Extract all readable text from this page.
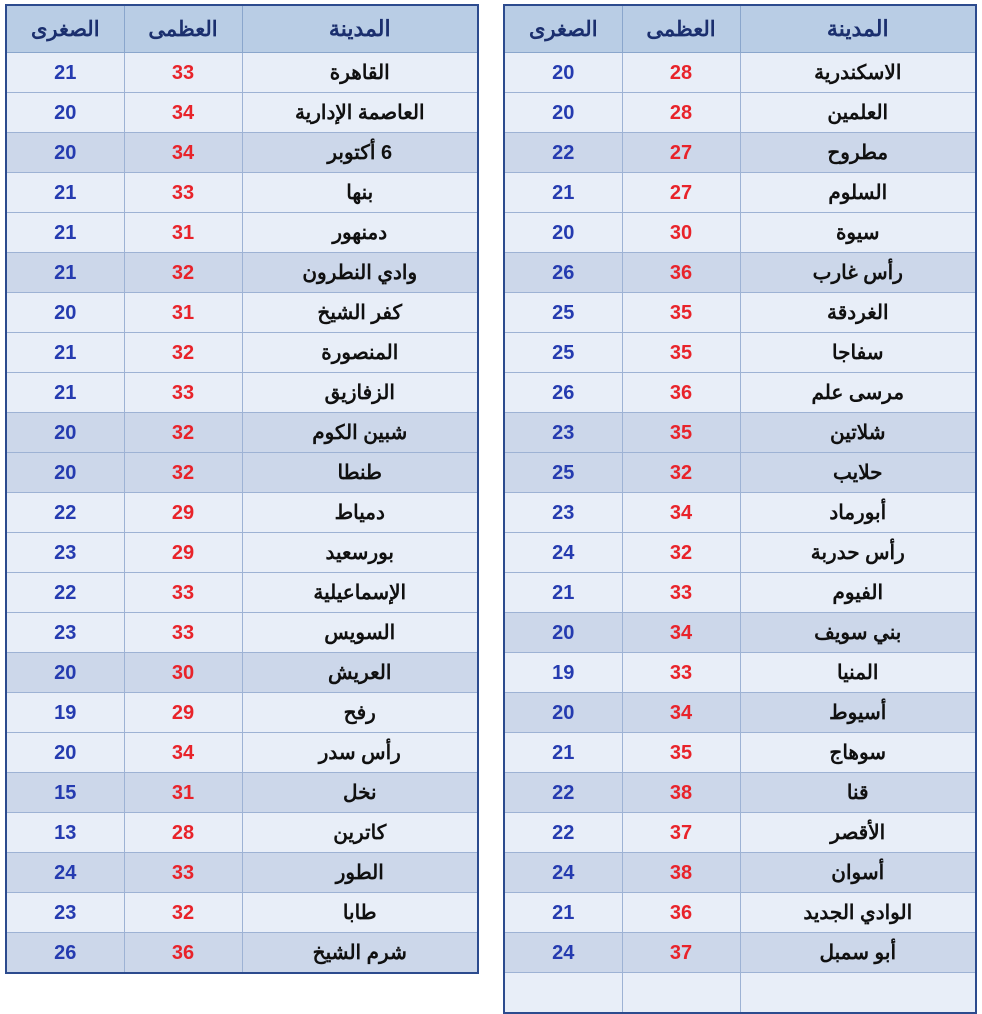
المدينة	العظمى	الصغرى
القاهرة	33	21
العاصمة الإدارية	34	20
6 أكتوبر	34	20
بنها	33	21
دمنهور	31	21
وادي النطرون	32	21
كفر الشيخ	31	20
المنصورة	32	21
الزفازيق	33	21
شبين الكوم	32	20
طنطا	32	20
دمياط	29	22
بورسعيد	29	23
الإسماعيلية	33	22
السويس	33	23
العريش	30	20
رفح	29	19
رأس سدر	34	20
نخل	31	15
كاترين	28	13
الطور	33	24
طابا	32	23
شرم الشيخ	36	26
المدينة	العظمى	الصغرى
الاسكندرية	28	20
العلمين	28	20
مطروح	27	22
السلوم	27	21
سيوة	30	20
رأس غارب	36	26
الغردقة	35	25
سفاجا	35	25
مرسى علم	36	26
شلاتين	35	23
حلايب	32	25
أبورماد	34	23
رأس حدربة	32	24
الفيوم	33	21
بني سويف	34	20
المنيا	33	19
أسيوط	34	20
سوهاج	35	21
قنا	38	22
الأقصر	37	22
أسوان	38	24
الوادي الجديد	36	21
أبو سمبل	37	24
